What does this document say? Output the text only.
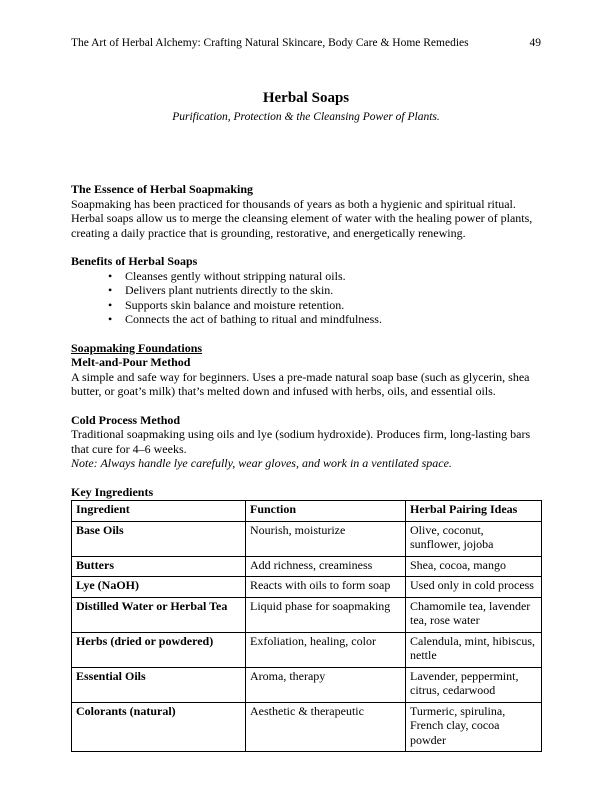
The Art of Herbal Alchemy: Crafting Natural Skincare, Body Care & Home Remedies	49
Herbal Soaps
Purification, Protection & the Cleansing Power of Plants.
The Essence of Herbal Soapmaking

Soapmaking has been practiced for thousands of years as both a hygienic and spiritual ritual. Herbal soaps allow us to merge the cleansing element of water with the healing power of plants, creating a daily practice that is grounding, restorative, and energetically renewing.

Benefits of Herbal Soaps
• Cleanses gently without stripping natural oils.
• Delivers plant nutrients directly to the skin.
• Supports skin balance and moisture retention.
• Connects the act of bathing to ritual and mindfulness.
Soapmaking Foundations
Melt-and-Pour Method

A simple and safe way for beginners. Uses a pre-made natural soap base (such as glycerin, shea butter, or goat’s milk) that’s melted down and infused with herbs, oils, and essential oils.

Cold Process Method

Traditional soapmaking using oils and lye (sodium hydroxide). Produces firm, long-lasting bars that cure for 4–6 weeks.

Note: Always handle lye carefully, wear gloves, and work in a ventilated space.

Key Ingredients
Ingredient	Function	Herbal Pairing Ideas
Base Oils	Nourish, moisturize	Olive, coconut, sunflower, jojoba
Butters	Add richness, creaminess	Shea, cocoa, mango
Lye (NaOH)	Reacts with oils to form soap	Used only in cold process
Distilled Water or Herbal Tea	Liquid phase for soapmaking	Chamomile tea, lavender tea, rose water
Herbs (dried or powdered)	Exfoliation, healing, color	Calendula, mint, hibiscus, nettle
Essential Oils	Aroma, therapy	Lavender, peppermint, citrus, cedarwood
Colorants (natural)	Aesthetic & therapeutic	Turmeric, spirulina, French clay, cocoa powder
